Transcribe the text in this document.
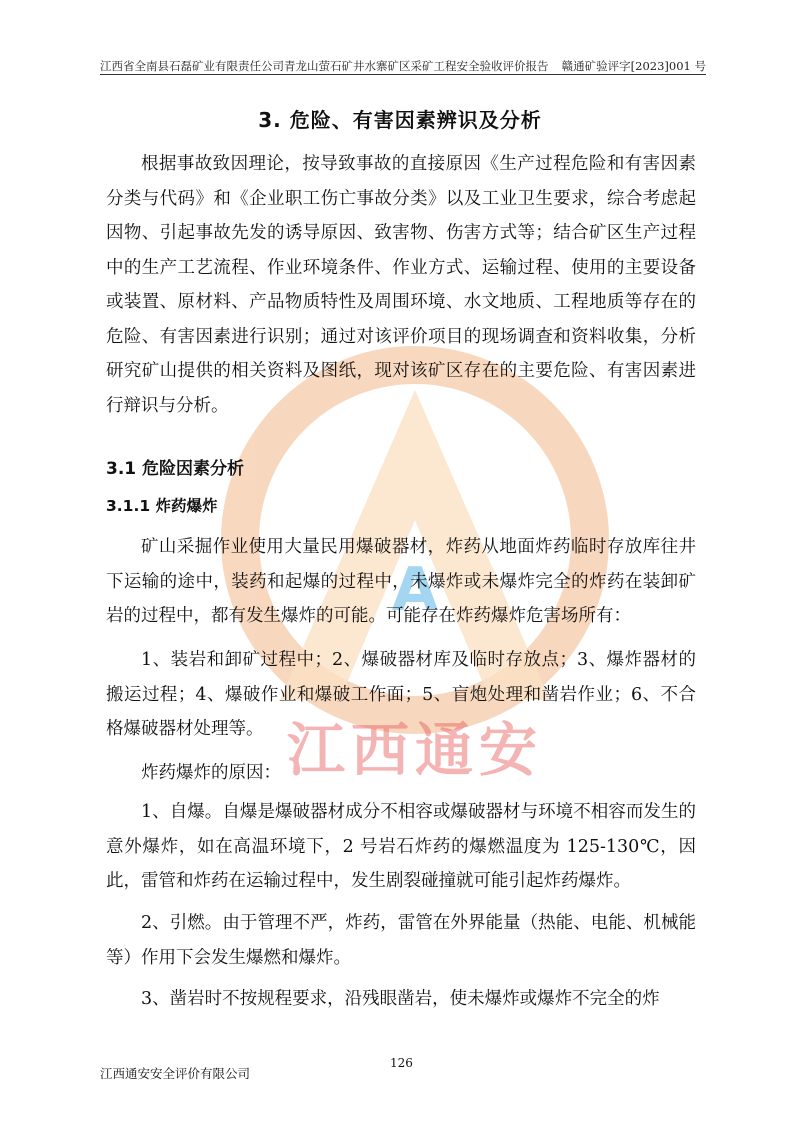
江西省全南县石磊矿业有限责任公司青龙山萤石矿井水寨矿区采矿工程安全验收评价报告 赣通矿验评字[2023]001 号
A
江西通安
3. 危险、有害因素辨识及分析

根据事故致因理论，按导致事故的直接原因《生产过程危险和有害因素分类与代码》和《企业职工伤亡事故分类》以及工业卫生要求，综合考虑起因物、引起事故先发的诱导原因、致害物、伤害方式等；结合矿区生产过程中的生产工艺流程、作业环境条件、作业方式、运输过程、使用的主要设备或装置、原材料、产品物质特性及周围环境、水文地质、工程地质等存在的危险、有害因素进行识别；通过对该评价项目的现场调查和资料收集，分析研究矿山提供的相关资料及图纸，现对该矿区存在的主要危险、有害因素进行辩识与分析。

3.1 危险因素分析
3.1.1 炸药爆炸

矿山采掘作业使用大量民用爆破器材，炸药从地面炸药临时存放库往井下运输的途中，装药和起爆的过程中，未爆炸或未爆炸完全的炸药在装卸矿岩的过程中，都有发生爆炸的可能。可能存在炸药爆炸危害场所有：

1、装岩和卸矿过程中；2、爆破器材库及临时存放点；3、爆炸器材的搬运过程；4、爆破作业和爆破工作面；5、盲炮处理和凿岩作业；6、不合格爆破器材处理等。

炸药爆炸的原因：

1、自爆。自爆是爆破器材成分不相容或爆破器材与环境不相容而发生的意外爆炸，如在高温环境下，2 号岩石炸药的爆燃温度为 125-130℃，因此，雷管和炸药在运输过程中，发生剧裂碰撞就可能引起炸药爆炸。

2、引燃。由于管理不严，炸药，雷管在外界能量（热能、电能、机械能等）作用下会发生爆燃和爆炸。

3、凿岩时不按规程要求，沿残眼凿岩，使未爆炸或爆炸不完全的炸

江西通安安全评价有限公司
126
